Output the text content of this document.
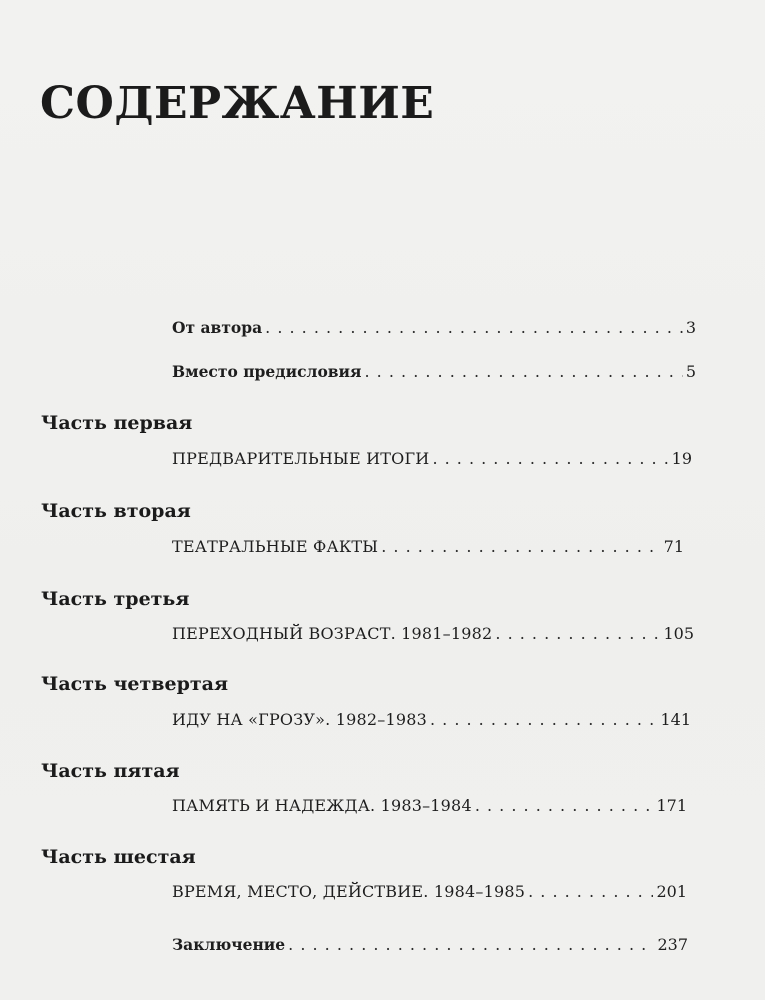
СОДЕРЖАНИЕ
От автора . . .	3
Вместо предисловия . . .	5
Часть первая
ПРЕДВАРИТЕЛЬНЫЕ ИТОГИ . . .	19
Часть вторая
ТЕАТРАЛЬНЫЕ ФАКТЫ . . .	71
Часть третья
ПЕРЕХОДНЫЙ ВОЗРАСТ. 1981–1982 . . .	105
Часть четвертая
ИДУ НА «ГРОЗУ». 1982–1983 . . .	141
Часть пятая
ПАМЯТЬ И НАДЕЖДА. 1983–1984 . . .	171
Часть шестая
ВРЕМЯ, МЕСТО, ДЕЙСТВИЕ. 1984–1985 . . .	201
Заключение . . .	237
